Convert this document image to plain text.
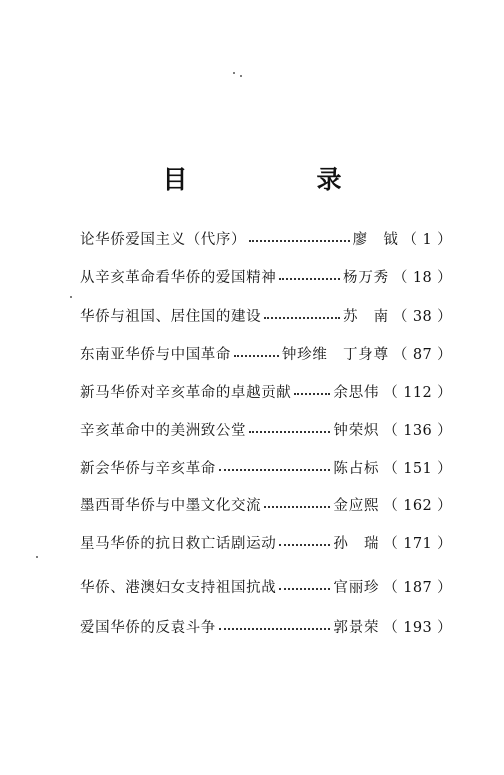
目　录
论华侨爱国主义（代序）	廖　钺 （ 1 ）
从辛亥革命看华侨的爱国精神	杨万秀 （ 18 ）
华侨与祖国、居住国的建设	苏　南 （ 38 ）
东南亚华侨与中国革命	钟珍维　丁身尊 （ 87 ）
新马华侨对辛亥革命的卓越贡献	余思伟 （ 112 ）
辛亥革命中的美洲致公堂	钟荣炽 （ 136 ）
新会华侨与辛亥革命	陈占标 （ 151 ）
墨西哥华侨与中墨文化交流	金应熙 （ 162 ）
星马华侨的抗日救亡话剧运动	孙　瑞 （ 171 ）
华侨、港澳妇女支持祖国抗战	官丽珍 （ 187 ）
爱国华侨的反袁斗争	郭景荣 （ 193 ）
